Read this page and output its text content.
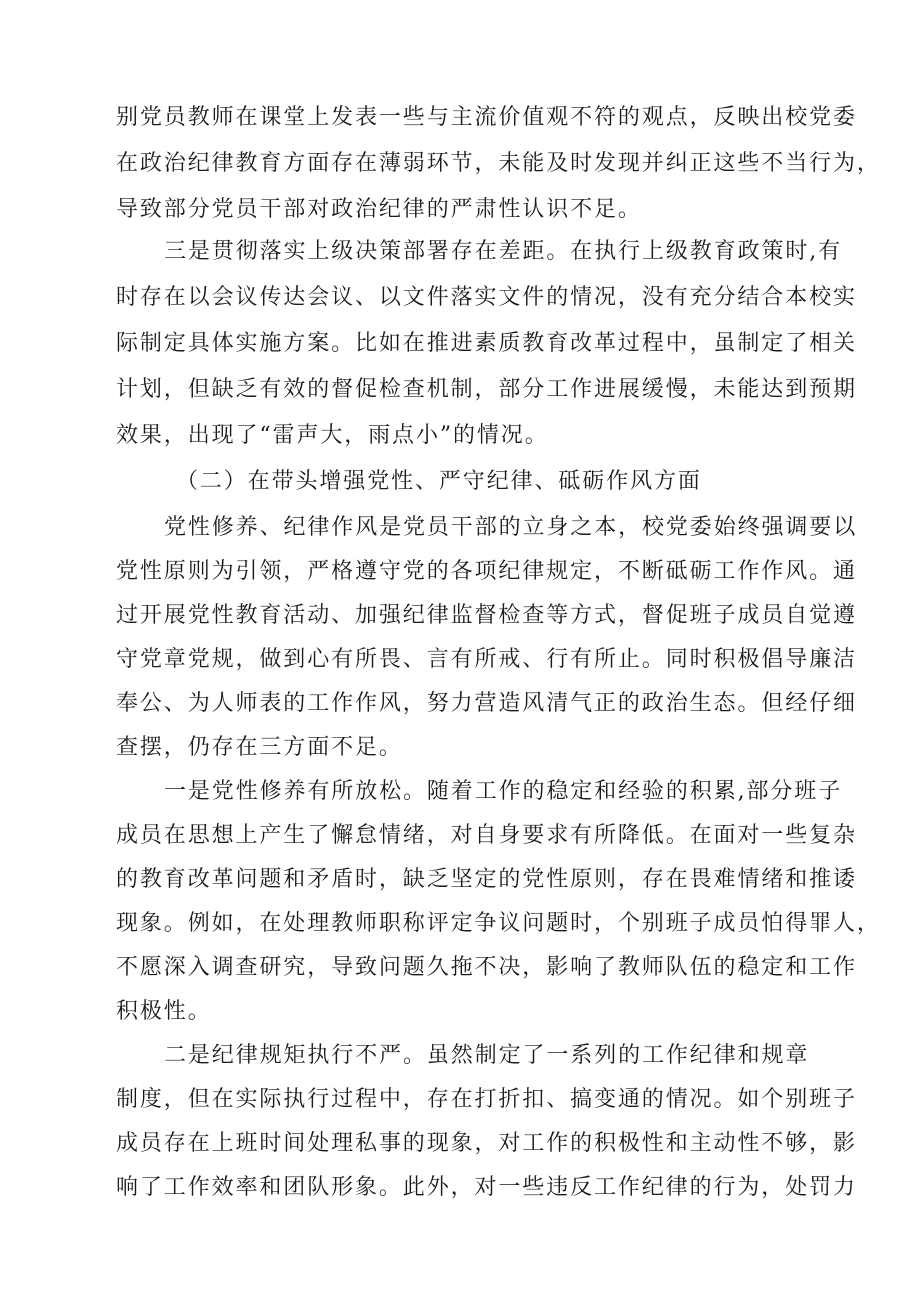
别党员教师在课堂上发表一些与主流价值观不符的观点，反映出校党委

在政治纪律教育方面存在薄弱环节，未能及时发现并纠正这些不当行为，

导致部分党员干部对政治纪律的严肃性认识不足。

三是贯彻落实上级决策部署存在差距。在执行上级教育政策时,有

时存在以会议传达会议、以文件落实文件的情况，没有充分结合本校实

际制定具体实施方案。比如在推进素质教育改革过程中，虽制定了相关

计划，但缺乏有效的督促检查机制，部分工作进展缓慢，未能达到预期

效果，出现了“雷声大，雨点小”的情况。

（二）在带头增强党性、严守纪律、砥砺作风方面

党性修养、纪律作风是党员干部的立身之本，校党委始终强调要以

党性原则为引领，严格遵守党的各项纪律规定，不断砥砺工作作风。通

过开展党性教育活动、加强纪律监督检查等方式，督促班子成员自觉遵

守党章党规，做到心有所畏、言有所戒、行有所止。同时积极倡导廉洁

奉公、为人师表的工作作风，努力营造风清气正的政治生态。但经仔细

查摆，仍存在三方面不足。

一是党性修养有所放松。随着工作的稳定和经验的积累,部分班子

成员在思想上产生了懈怠情绪，对自身要求有所降低。在面对一些复杂

的教育改革问题和矛盾时，缺乏坚定的党性原则，存在畏难情绪和推诿

现象。例如，在处理教师职称评定争议问题时，个别班子成员怕得罪人，

不愿深入调查研究，导致问题久拖不决，影响了教师队伍的稳定和工作

积极性。

二是纪律规矩执行不严。虽然制定了一系列的工作纪律和规章

制度，但在实际执行过程中，存在打折扣、搞变通的情况。如个别班子

成员存在上班时间处理私事的现象，对工作的积极性和主动性不够，影

响了工作效率和团队形象。此外，对一些违反工作纪律的行为，处罚力
